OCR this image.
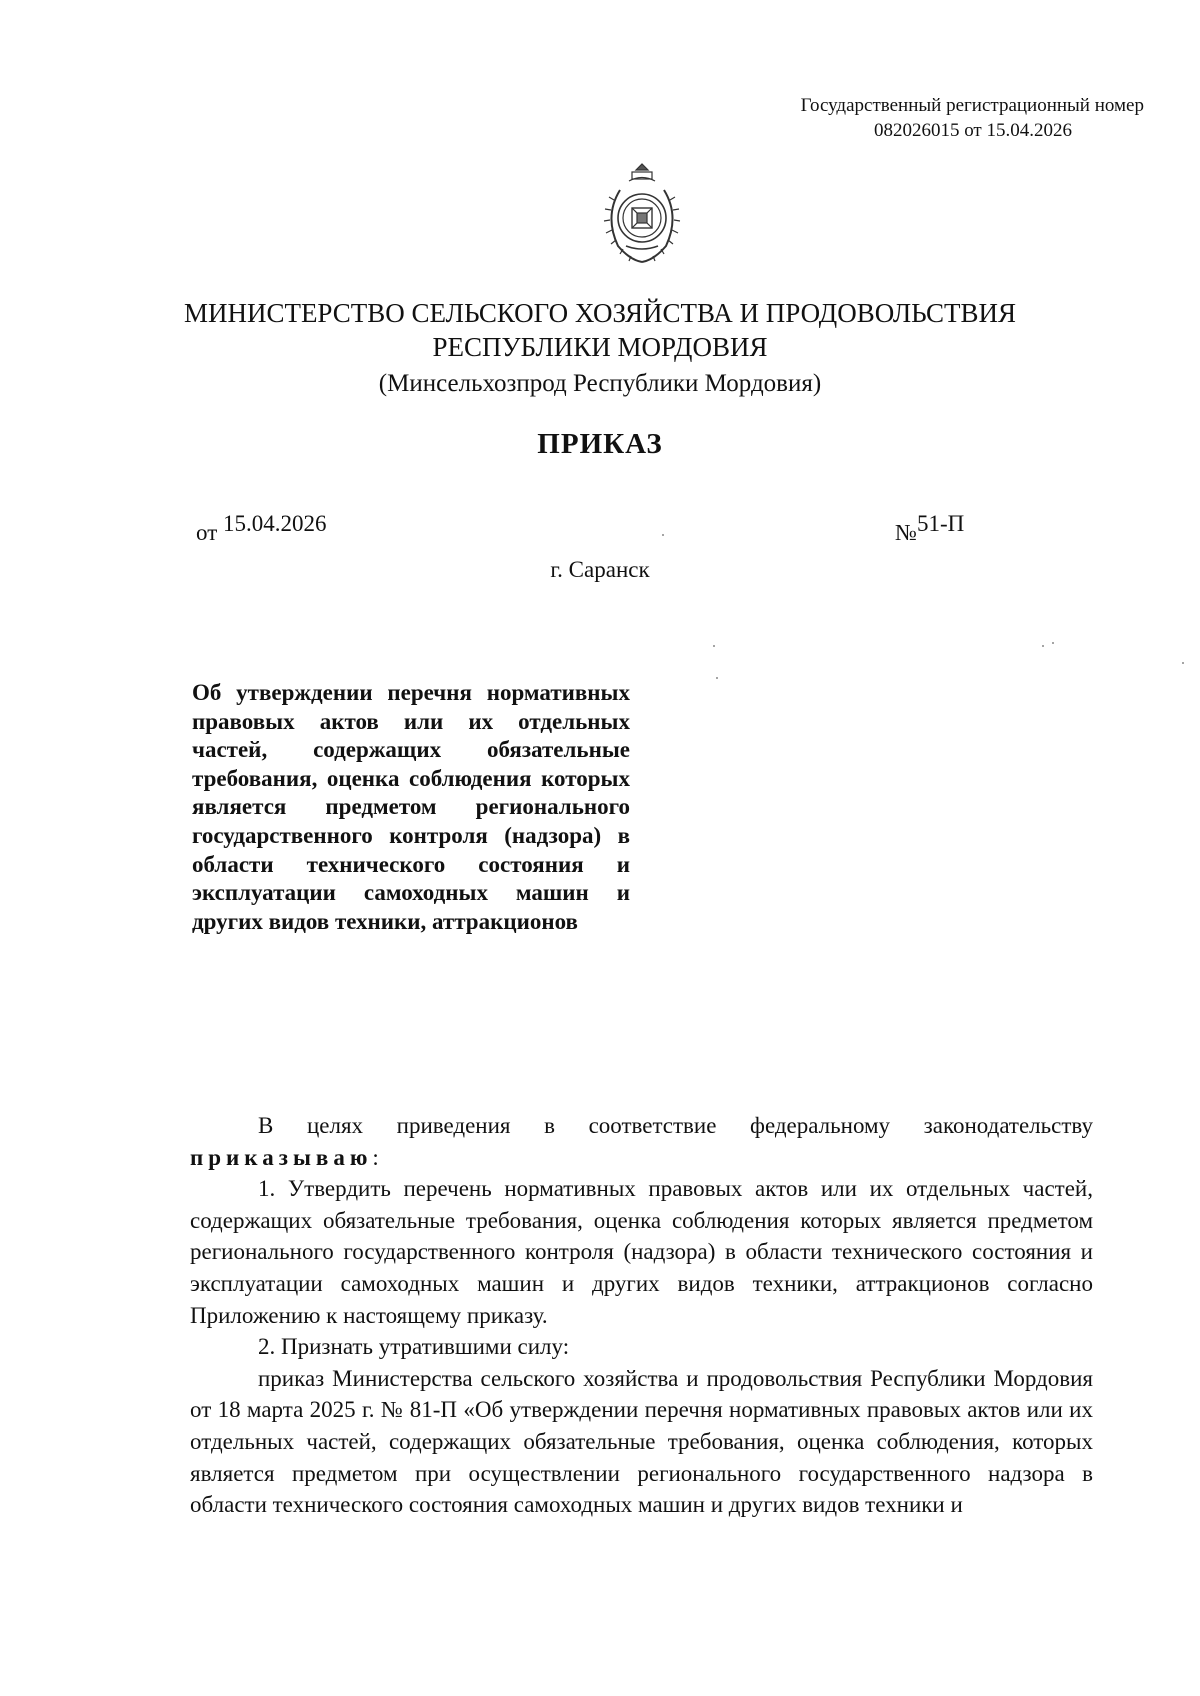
Государственный регистрационный номер
082026015 от 15.04.2026
МИНИСТЕРСТВО СЕЛЬСКОГО ХОЗЯЙСТВА И ПРОДОВОЛЬСТВИЯ
РЕСПУБЛИКИ МОРДОВИЯ
(Минсельхозпрод Республики Мордовия)
ПРИКАЗ
от 15.04.2026	№51-П
г. Саранск
Об утверждении перечня нормативных правовых актов или их отдельных частей, содержащих обязательные требования, оценка соблюдения которых является предметом регионального государственного контроля (надзора) в области технического состояния и эксплуатации самоходных машин и других видов техники, аттракционов

В целях приведения в соответствие федеральному законодательству приказываю:

1. Утвердить перечень нормативных правовых актов или их отдельных частей, содержащих обязательные требования, оценка соблюдения которых является предметом регионального государственного контроля (надзора) в области технического состояния и эксплуатации самоходных машин и других видов техники, аттракционов согласно Приложению к настоящему приказу.

2. Признать утратившими силу:

приказ Министерства сельского хозяйства и продовольствия Республики Мордовия от 18 марта 2025 г. № 81-П «Об утверждении перечня нормативных правовых актов или их отдельных частей, содержащих обязательные требования, оценка соблюдения, которых является предметом при осуществлении регионального государственного надзора в области технического состояния самоходных машин и других видов техники и
